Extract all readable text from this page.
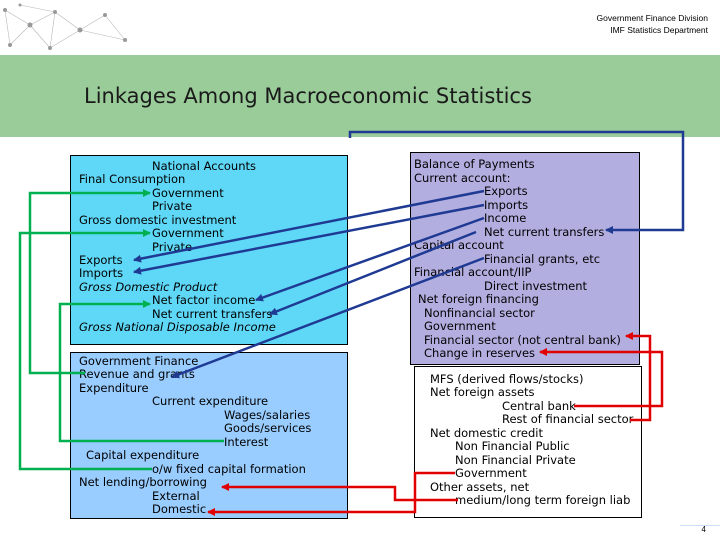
Government Finance Division
IMF Statistics Department
Linkages Among Macroeconomic Statistics
National Accounts
Final Consumption
Government
Private
Gross domestic investment
Government
Private
Exports
Imports
Gross Domestic Product
Net factor income
Net current transfers
Gross National Disposable Income
Government Finance
Revenue and grants
Expenditure
Current expenditure
Wages/salaries
Goods/services
Interest
Capital expenditure
o/w fixed capital formation
Net lending/borrowing
External
Domestic
Balance of Payments
Current account:
Exports
Imports
Income
Net current transfers
Capital account
Financial grants, etc
Financial account/IIP
Direct investment
Net foreign financing
Nonfinancial sector
Government
Financial sector (not central bank)
Change in reserves
MFS (derived flows/stocks)
Net foreign assets
Central bank
Rest of financial sector
Net domestic credit
Non Financial Public
Non Financial Private
Government
Other assets, net
medium/long term foreign liab
4
